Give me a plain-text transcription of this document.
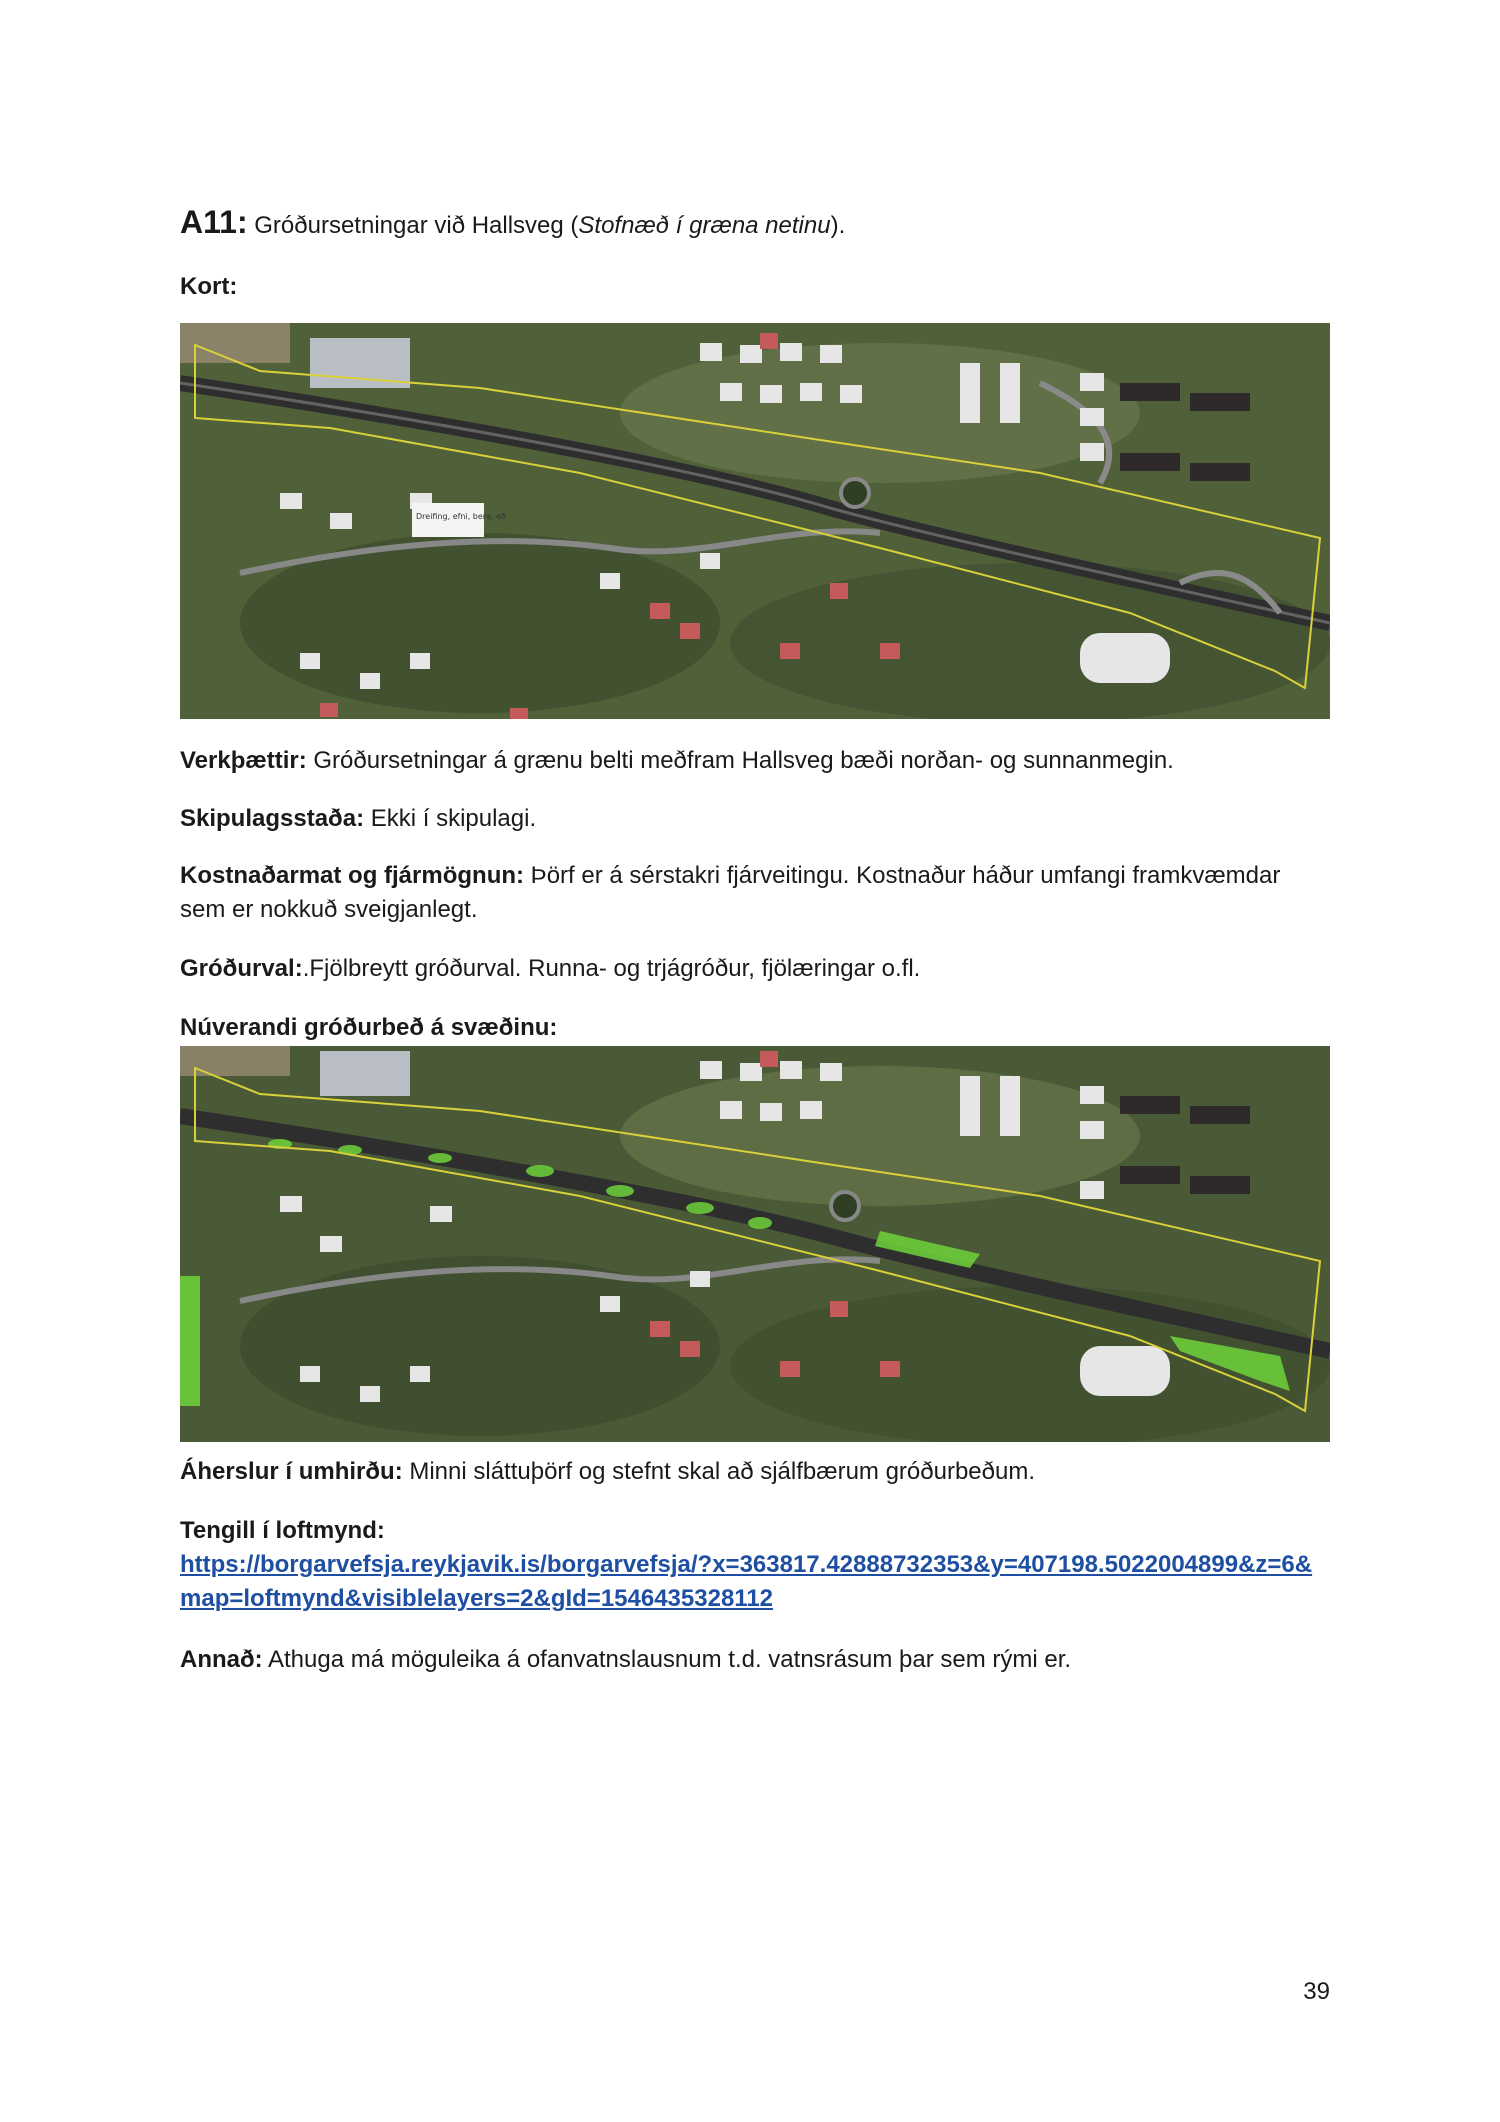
A11: Gróðursetningar við Hallsveg (Stofnæð í græna netinu).
Kort:
Dreifing, efni, bera, eð
Verkþættir: Gróðursetningar á grænu belti meðfram Hallsveg bæði norðan- og sunnanmegin.
Skipulagsstaða: Ekki í skipulagi.
Kostnaðarmat og fjármögnun: Þörf er á sérstakri fjárveitingu. Kostnaður háður umfangi framkvæmdar sem er nokkuð sveigjanlegt.
Gróðurval:.Fjölbreytt gróðurval. Runna- og trjágróður, fjölæringar o.fl.
Núverandi gróðurbeð á svæðinu:
Áherslur í umhirðu: Minni sláttuþörf og stefnt skal að sjálfbærum gróðurbeðum.
Tengill í loftmynd:
https://borgarvefsja.reykjavik.is/borgarvefsja/?x=363817.42888732353&y=407198.5022004899&z=6&map=loftmynd&visiblelayers=2&gId=1546435328112
Annað: Athuga má möguleika á ofanvatnslausnum t.d. vatnsrásum þar sem rými er.
39
